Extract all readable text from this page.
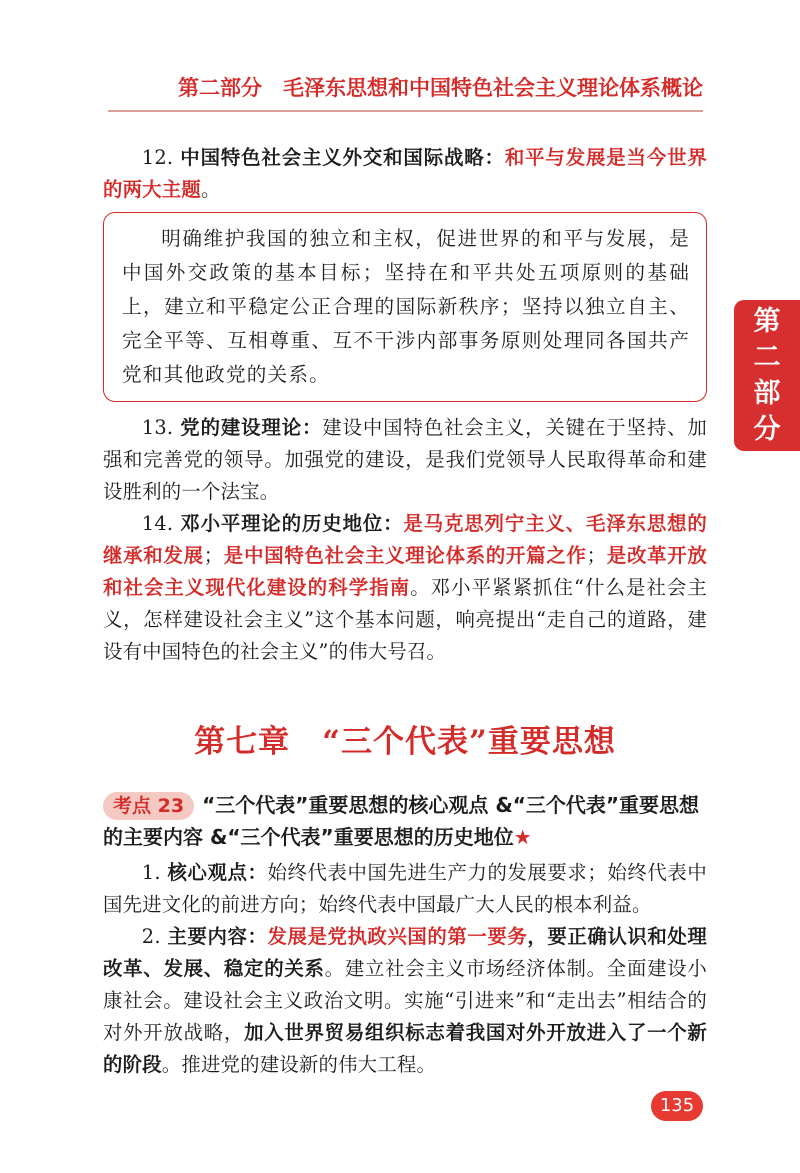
第二部分　毛泽东思想和中国特色社会主义理论体系概论
第
二
部
分

12. 中国特色社会主义外交和国际战略：和平与发展是当今世界的两大主题。

明确维护我国的独立和主权，促进世界的和平与发展，是中国外交政策的基本目标；坚持在和平共处五项原则的基础上，建立和平稳定公正合理的国际新秩序；坚持以独立自主、完全平等、互相尊重、互不干涉内部事务原则处理同各国共产党和其他政党的关系。

13. 党的建设理论：建设中国特色社会主义，关键在于坚持、加强和完善党的领导。加强党的建设，是我们党领导人民取得革命和建设胜利的一个法宝。

14. 邓小平理论的历史地位：是马克思列宁主义、毛泽东思想的继承和发展；是中国特色社会主义理论体系的开篇之作；是改革开放和社会主义现代化建设的科学指南。邓小平紧紧抓住“什么是社会主义，怎样建设社会主义”这个基本问题，响亮提出“走自己的道路，建设有中国特色的社会主义”的伟大号召。

第七章　“三个代表”重要思想
考点 23 “三个代表”重要思想的核心观点 &“三个代表”重要思想的主要内容 &“三个代表”重要思想的历史地位★

1. 核心观点：始终代表中国先进生产力的发展要求；始终代表中国先进文化的前进方向；始终代表中国最广大人民的根本利益。

2. 主要内容：发展是党执政兴国的第一要务，要正确认识和处理改革、发展、稳定的关系。建立社会主义市场经济体制。全面建设小康社会。建设社会主义政治文明。实施“引进来”和“走出去”相结合的对外开放战略，加入世界贸易组织标志着我国对外开放进入了一个新的阶段。推进党的建设新的伟大工程。

135
